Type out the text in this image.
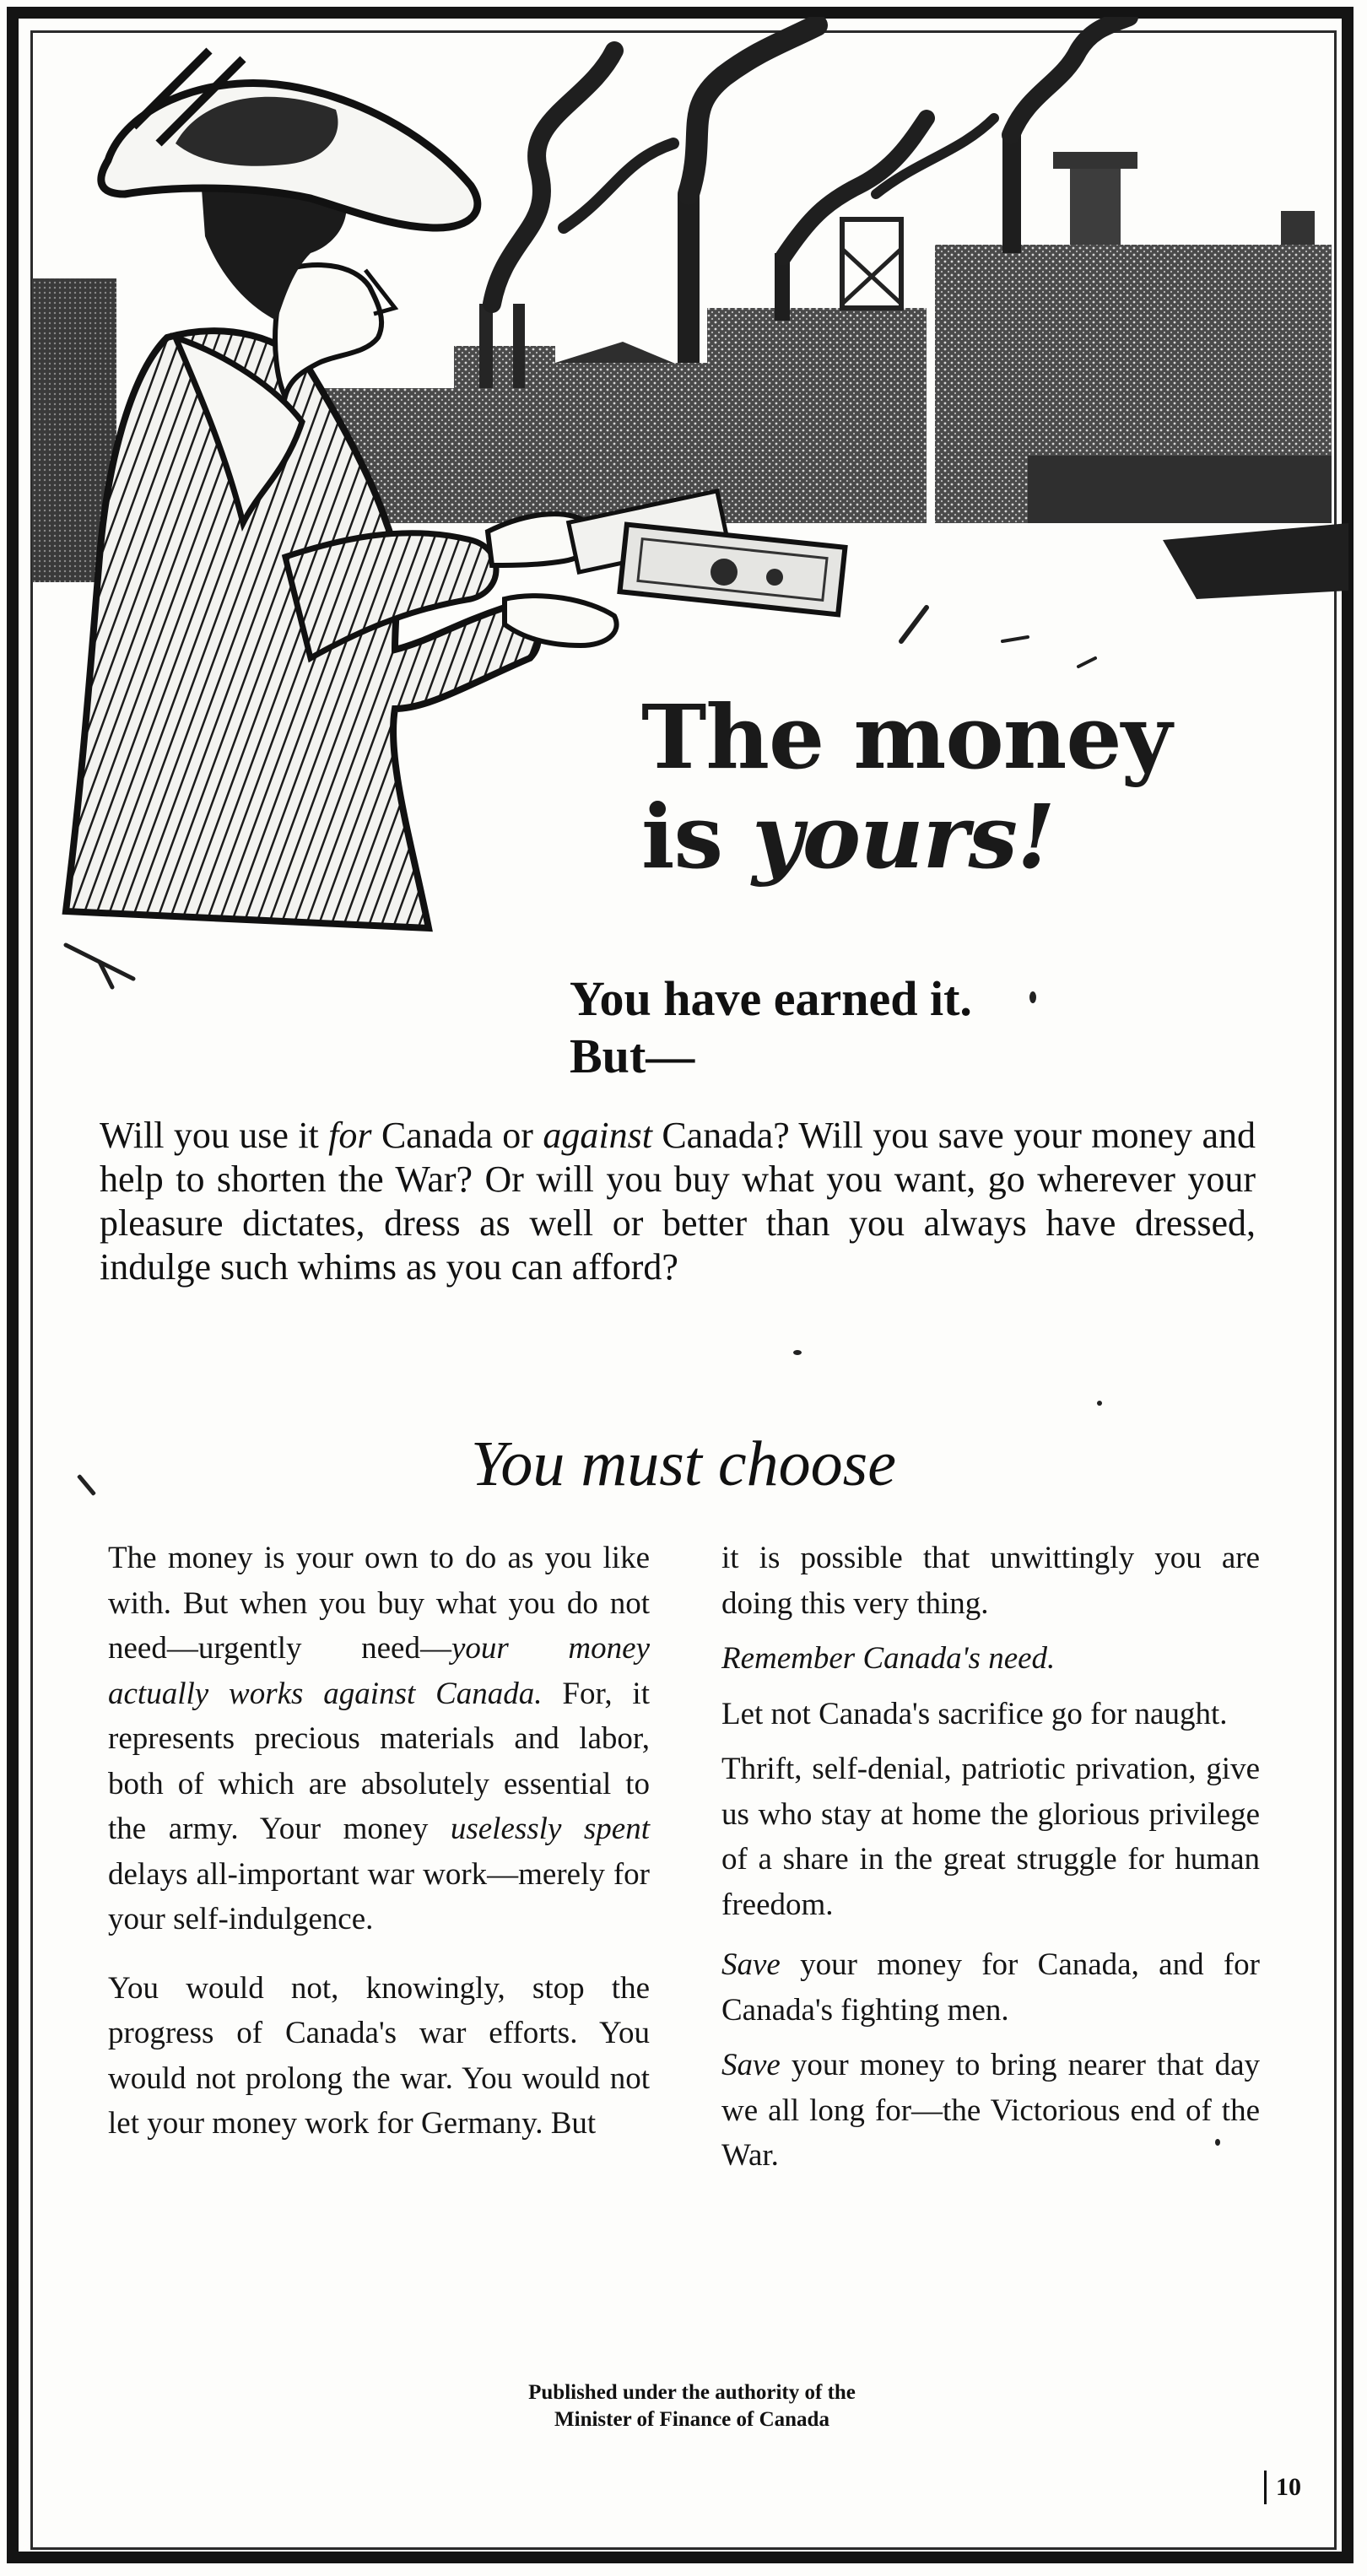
The money
is yours!
You have earned it.
But—
Will you use it for Canada or against Canada? Will you save your money and help to shorten the War? Or will you buy what you want, go wherever your pleasure dictates, dress as well or better than you always have dressed, indulge such whims as you can afford?
You must choose

The money is your own to do as you like with. But when you buy what you do not need—urgently need—your money actually works against Canada. For, it represents precious materials and labor, both of which are absolutely essential to the army. Your money uselessly spent delays all-important war work—merely for your self-indulgence.

You would not, knowingly, stop the progress of Canada's war efforts. You would not prolong the war. You would not let your money work for Germany. But

it is possible that unwittingly you are doing this very thing.

Remember Canada's need.

Let not Canada's sacrifice go for naught.

Thrift, self-denial, patriotic privation, give us who stay at home the glorious privilege of a share in the great struggle for human freedom.

Save your money for Canada, and for Canada's fighting men.

Save your money to bring nearer that day we all long for—the Victorious end of the War.

Published under the authority of the
Minister of Finance of Canada
10
